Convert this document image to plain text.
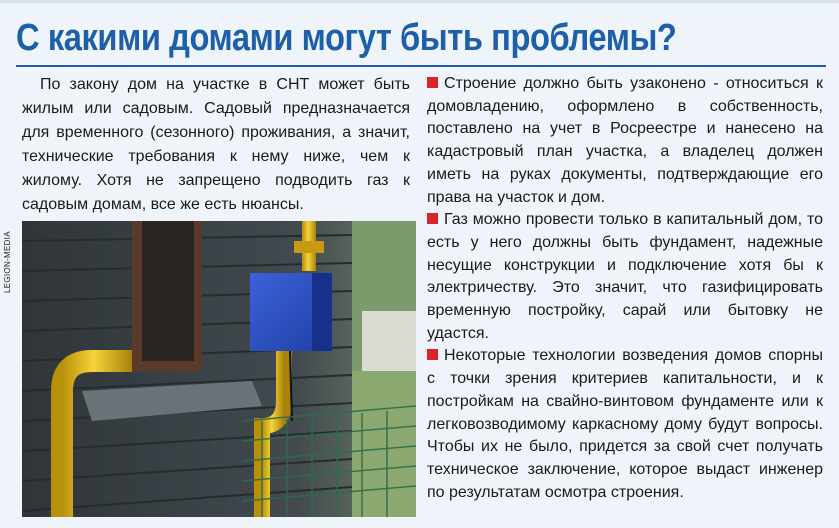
С какими домами могут быть проблемы?

По закону дом на участке в СНТ может быть жилым или садовым. Садовый предназначается для временного (сезонного) проживания, а значит, технические требования к нему ниже, чем к жилому. Хотя не запрещено подводить газ к садовым домам, все же есть нюансы.

LEGION-MEDIA

Строение должно быть узаконено - относиться к домовладению, оформлено в собственность, поставлено на учет в Росреестре и нанесено на кадастровый план участка, а владелец должен иметь на руках документы, подтверждающие его права на участок и дом.

Газ можно провести только в капитальный дом, то есть у него должны быть фундамент, надежные несущие конструкции и подключение хотя бы к электричеству. Это значит, что газифицировать временную постройку, сарай или бытовку не удастся.

Некоторые технологии возведения домов спорны с точки зрения критериев капитальности, и к постройкам на свайно-винтовом фундаменте или к легковозводимому каркасному дому будут вопросы. Чтобы их не было, придется за свой счет получать техническое заключение, которое выдаст инженер по результатам осмотра строения.
